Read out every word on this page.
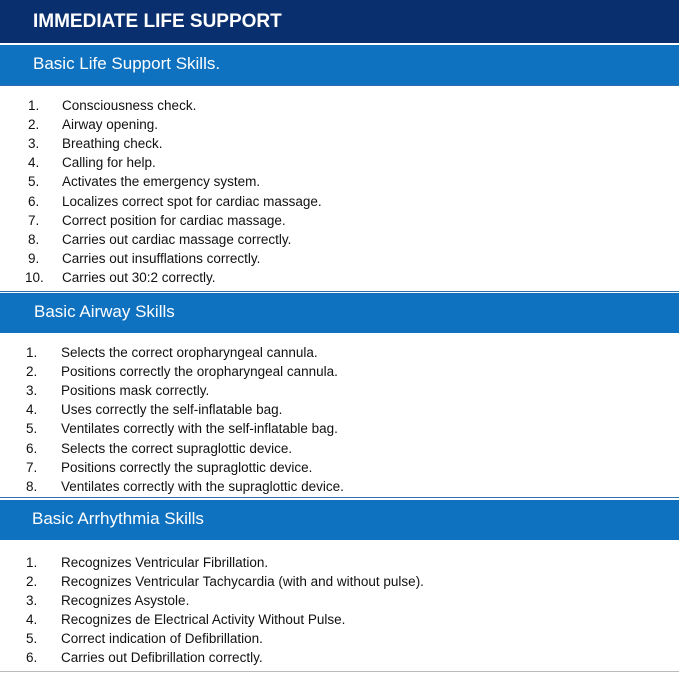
IMMEDIATE LIFE SUPPORT
Basic Life Support Skills.
1.	Consciousness check.
2.	Airway opening.
3.	Breathing check.
4.	Calling for help.
5.	Activates the emergency system.
6.	Localizes correct spot for cardiac massage.
7.	Correct position for cardiac massage.
8.	Carries out cardiac massage correctly.
9.	Carries out insufflations correctly.
10.	Carries out 30:2 correctly.
Basic Airway Skills
1.	Selects the correct oropharyngeal cannula.
2.	Positions correctly the oropharyngeal cannula.
3.	Positions mask correctly.
4.	Uses correctly the self-inflatable bag.
5.	Ventilates correctly with the self-inflatable bag.
6.	Selects the correct supraglottic device.
7.	Positions correctly the supraglottic device.
8.	Ventilates correctly with the supraglottic device.
Basic Arrhythmia Skills
1.	Recognizes Ventricular Fibrillation.
2.	Recognizes Ventricular Tachycardia (with and without pulse).
3.	Recognizes Asystole.
4.	Recognizes de Electrical Activity Without Pulse.
5.	Correct indication of Defibrillation.
6.	Carries out Defibrillation correctly.
